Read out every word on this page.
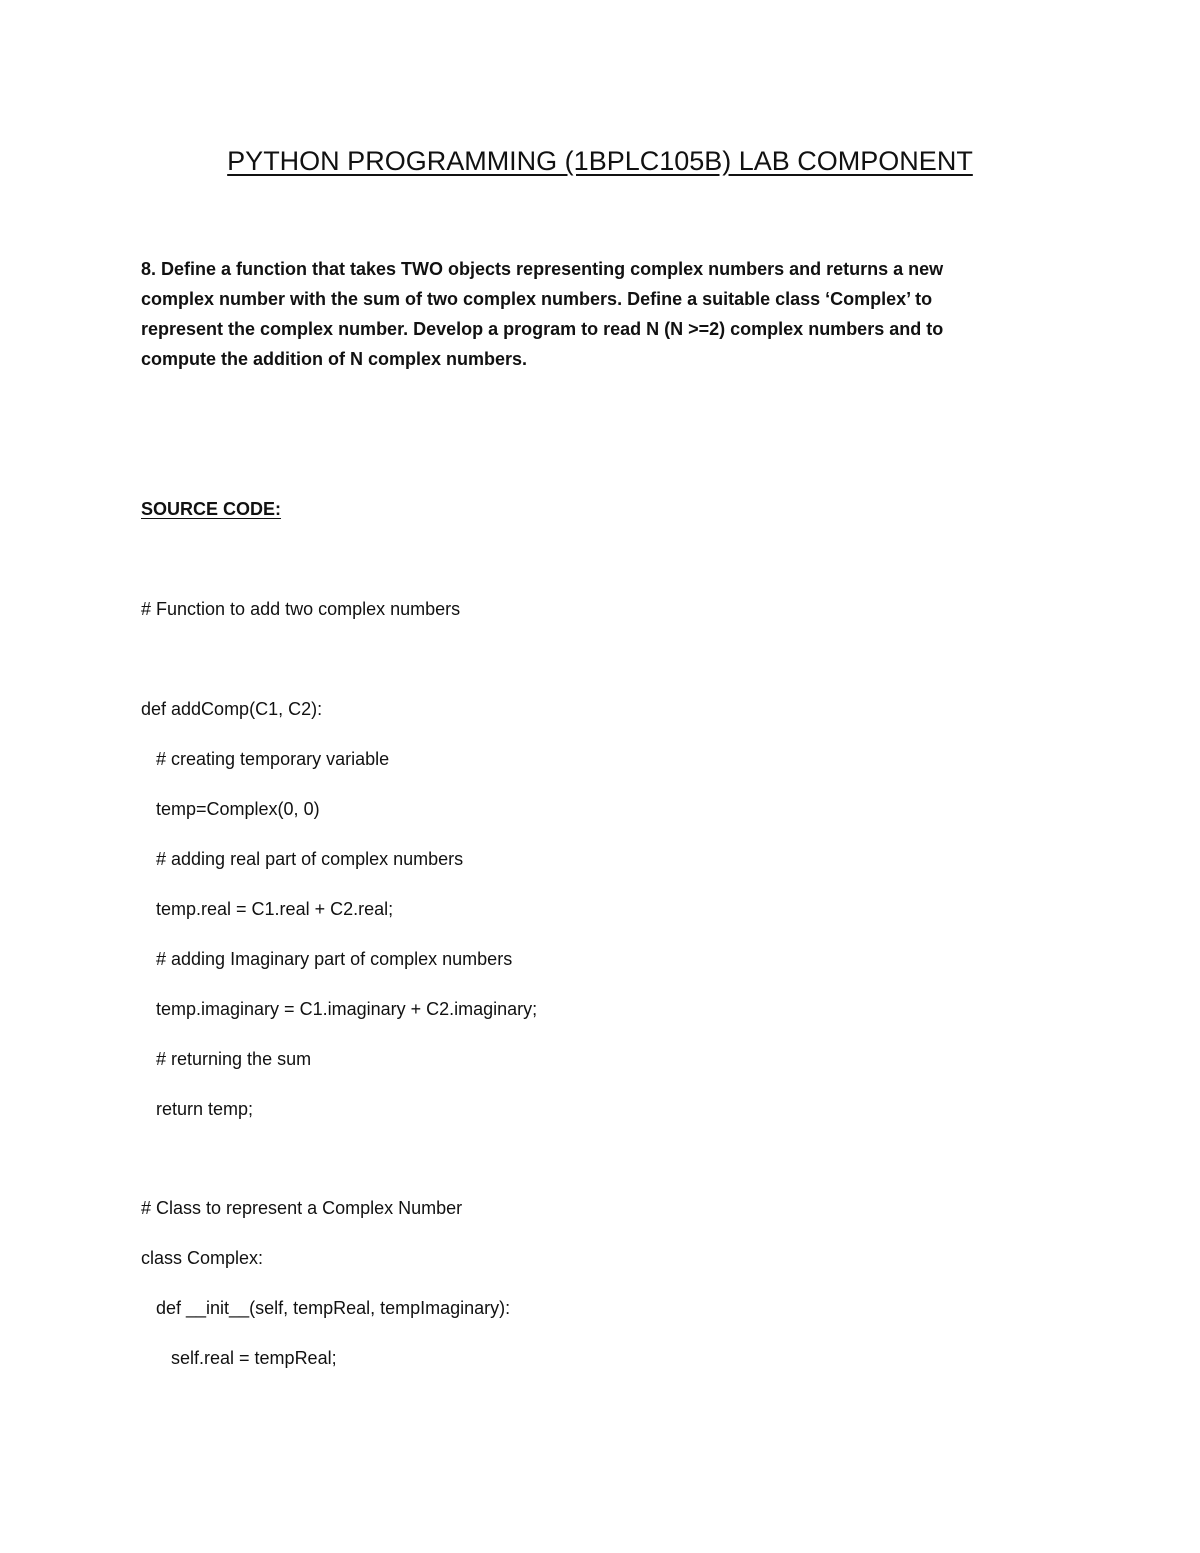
PYTHON PROGRAMMING (1BPLC105B) LAB COMPONENT

8. Define a function that takes TWO objects representing complex numbers and returns a new complex number with the sum of two complex numbers. Define a suitable class ‘Complex’ to represent the complex number. Develop a program to read N (N >=2) complex numbers and to compute the addition of N complex numbers.

SOURCE CODE:
# Function to add two complex numbers
def addComp(C1, C2):
# creating temporary variable
temp=Complex(0, 0)
# adding real part of complex numbers
temp.real = C1.real + C2.real;
# adding Imaginary part of complex numbers
temp.imaginary = C1.imaginary + C2.imaginary;
# returning the sum
return temp;
# Class to represent a Complex Number
class Complex:
def __init__(self, tempReal, tempImaginary):
self.real = tempReal;
